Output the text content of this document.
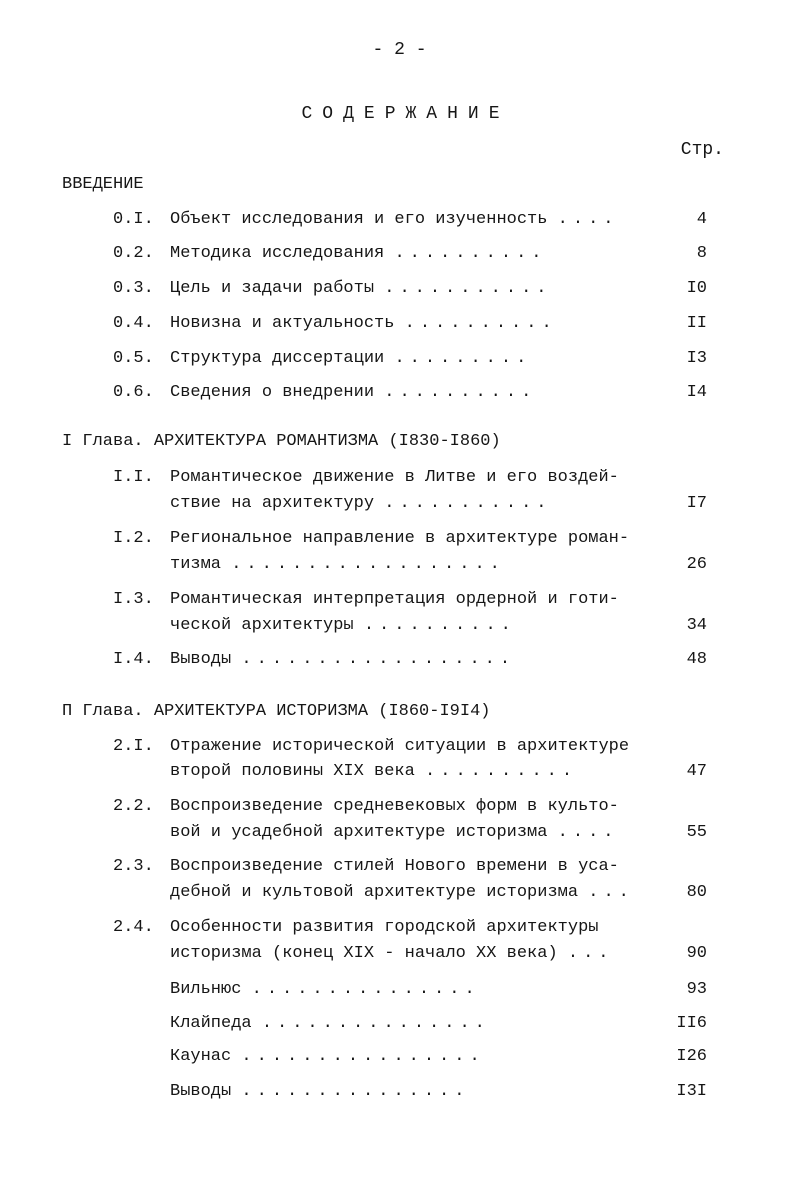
- 2 -
СОДЕРЖАНИЕ
Стр.
ВВЕДЕНИЕ
0.I. Объект исследования и его изученность ....	4
0.2. Методика исследования ..........	8
0.3. Цель и задачи работы ...........	I0
0.4. Новизна и актуальность ..........	II
0.5. Структура диссертации .........	I3
0.6. Сведения о внедрении ..........	I4
I Глава. АРХИТЕКТУРА РОМАНТИЗМА (I830-I860)
I.I. Романтическое движение в Литве и его воздей-
ствие на архитектуру ...........	I7
I.2. Региональное направление в архитектуре роман-
тизма ..................	26
I.3. Романтическая интерпретация ордерной и готи-
ческой архитектуры ..........	34
I.4. Выводы ..................	48
П Глава. АРХИТЕКТУРА ИСТОРИЗМА (I860-I9I4)
2.I. Отражение исторической ситуации в архитектуре
второй половины XIX века ..........	47
2.2. Воспроизведение средневековых форм в культо-
вой и усадебной архитектуре историзма ....	55
2.3. Воспроизведение стилей Нового времени в уса-
дебной и культовой архитектуре историзма ...	80
2.4. Особенности развития городской архитектуры
историзма (конец XIX - начало XX века) ...	90
Вильнюс ...............	93
Клайпеда ...............	II6
Каунас ................	I26
Выводы ...............	I3I
